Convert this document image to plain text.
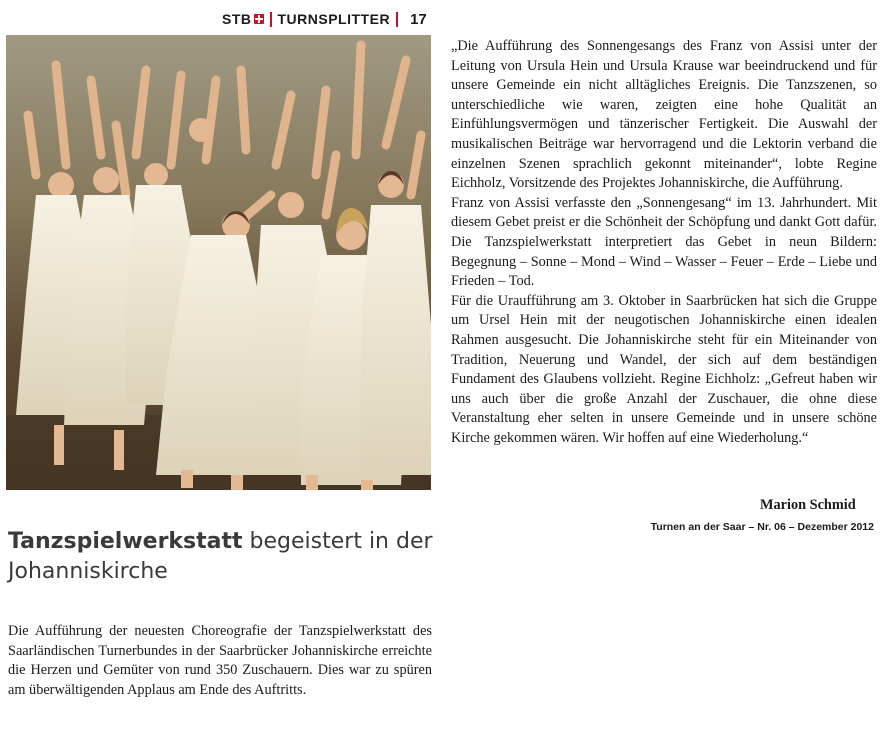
STB TURNSPLITTER 17

„Die Aufführung des Sonnengesangs des Franz von Assisi unter der Leitung von Ursula Hein und Ursula Krause war beeindruckend und für unsere Gemeinde ein nicht alltägliches Ereignis. Die Tanzszenen, so unterschiedliche wie waren, zeigten eine hohe Qualität an Einfühlungsvermögen und tänzerischer Fertigkeit. Die Auswahl der musikalischen Beiträge war hervorragend und die Lektorin verband die einzelnen Szenen sprachlich gekonnt miteinander“, lobte Regine Eichholz, Vorsitzende des Projektes Johanniskirche, die Aufführung.

Franz von Assisi verfasste den „Sonnengesang“ im 13. Jahrhundert. Mit diesem Gebet preist er die Schönheit der Schöpfung und dankt Gott dafür. Die Tanzspielwerkstatt interpretiert das Gebet in neun Bildern: Begegnung – Sonne – Mond – Wind – Wasser – Feuer – Erde – Liebe und Frieden – Tod.

Für die Uraufführung am 3. Oktober in Saarbrücken hat sich die Gruppe um Ursel Hein mit der neugotischen Johanniskirche einen idealen Rahmen ausgesucht. Die Johanniskirche steht für ein Miteinander von Tradition, Neuerung und Wandel, der sich auf dem beständigen Fundament des Glaubens vollzieht. Regine Eichholz: „Gefreut haben wir uns auch über die große Anzahl der Zuschauer, die ohne diese Veranstaltung eher selten in unsere Gemeinde und in unsere schöne Kirche gekommen wären. Wir hoffen auf eine Wiederholung.“

Marion Schmid
Turnen an der Saar – Nr. 06 – Dezember 2012
Tanzspielwerkstatt begeistert in der Johanniskirche
Die Aufführung der neuesten Choreografie der Tanzspielwerkstatt des Saarländischen Turnerbundes in der Saarbrücker Johanniskirche erreichte die Herzen und Gemüter von rund 350 Zuschauern. Dies war zu spüren am überwältigenden Applaus am Ende des Auftritts.
